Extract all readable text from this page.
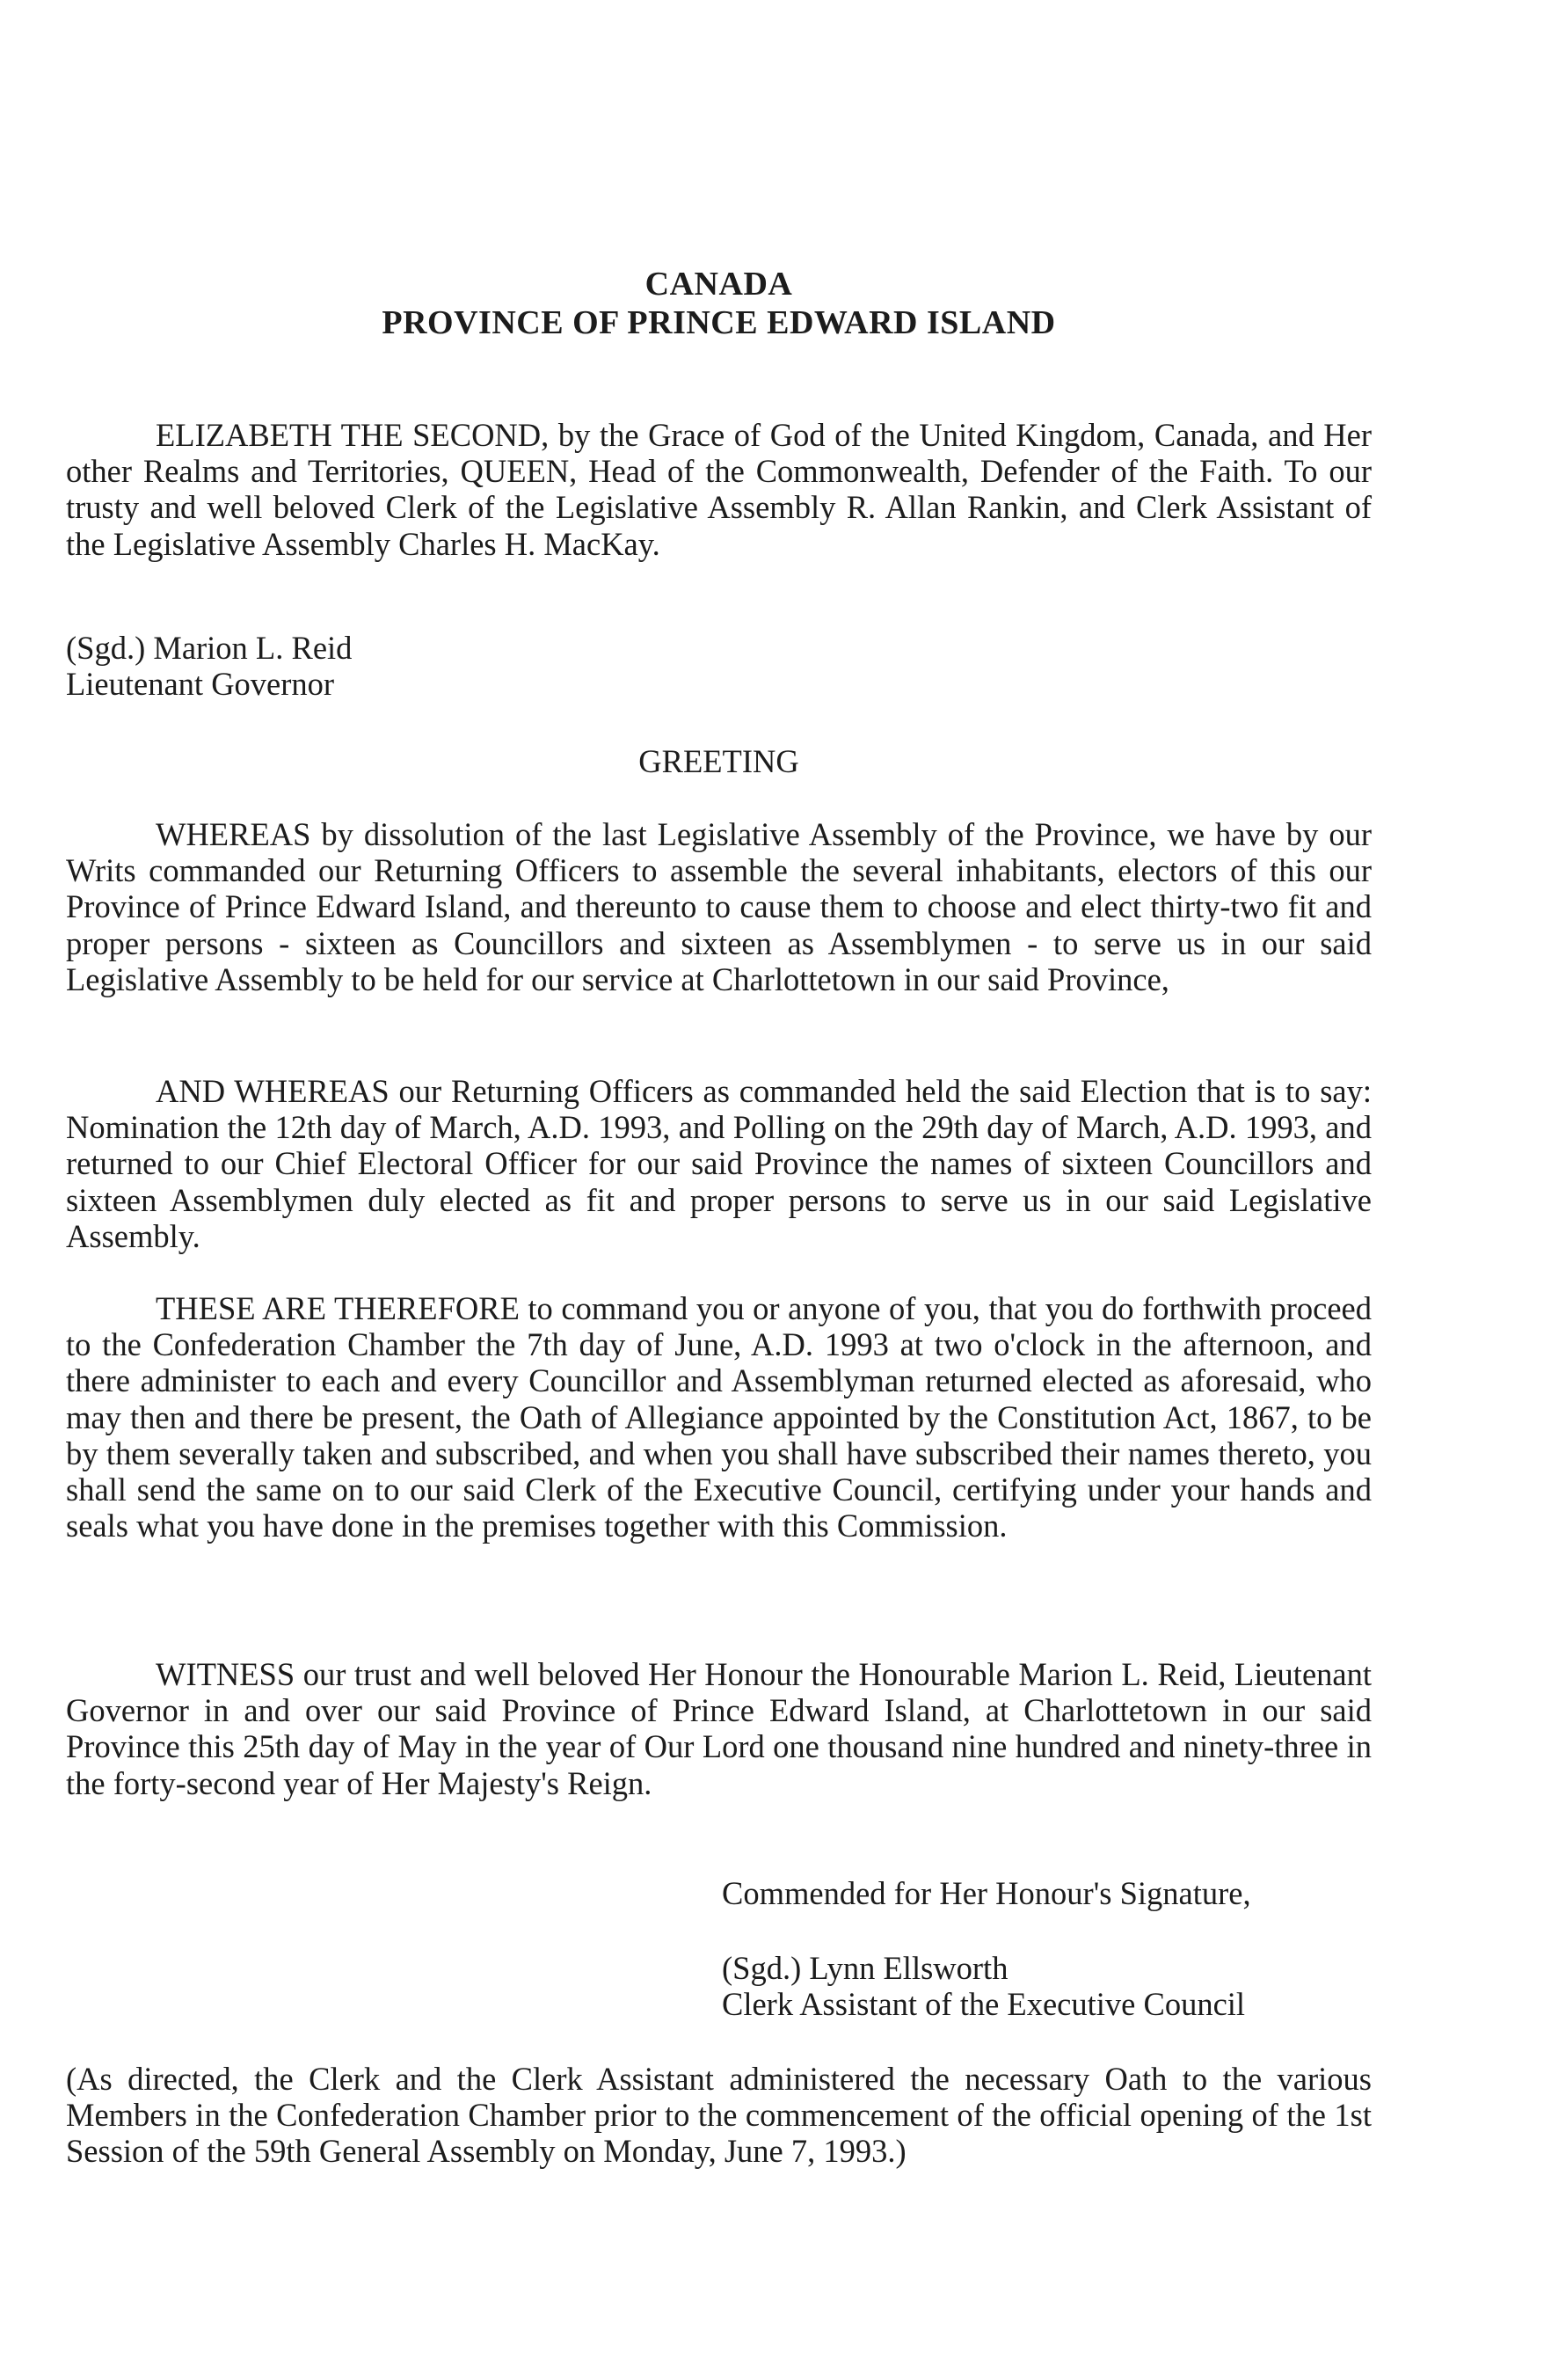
CANADA
PROVINCE OF PRINCE EDWARD ISLAND

ELIZABETH THE SECOND, by the Grace of God of the United Kingdom, Canada, and Her other Realms and Territories, QUEEN, Head of the Commonwealth, Defender of the Faith. To our trusty and well beloved Clerk of the Legislative Assembly R. Allan Rankin, and Clerk Assistant of the Legislative Assembly Charles H. MacKay.

(Sgd.) Marion L. Reid
Lieutenant Governor
GREETING

WHEREAS by dissolution of the last Legislative Assembly of the Province, we have by our Writs commanded our Returning Officers to assemble the several inhabitants, electors of this our Province of Prince Edward Island, and thereunto to cause them to choose and elect thirty-two fit and proper persons - sixteen as Councillors and sixteen as Assemblymen - to serve us in our said Legislative Assembly to be held for our service at Charlottetown in our said Province,

AND WHEREAS our Returning Officers as commanded held the said Election that is to say: Nomination the 12th day of March, A.D. 1993, and Polling on the 29th day of March, A.D. 1993, and returned to our Chief Electoral Officer for our said Province the names of sixteen Councillors and sixteen Assemblymen duly elected as fit and proper persons to serve us in our said Legislative Assembly.

THESE ARE THEREFORE to command you or anyone of you, that you do forthwith proceed to the Confederation Chamber the 7th day of June, A.D. 1993 at two o'clock in the afternoon, and there administer to each and every Councillor and Assemblyman returned elected as aforesaid, who may then and there be present, the Oath of Allegiance appointed by the Constitution Act, 1867, to be by them severally taken and subscribed, and when you shall have subscribed their names thereto, you shall send the same on to our said Clerk of the Executive Council, certifying under your hands and seals what you have done in the premises together with this Commission.

WITNESS our trust and well beloved Her Honour the Honourable Marion L. Reid, Lieutenant Governor in and over our said Province of Prince Edward Island, at Charlottetown in our said Province this 25th day of May in the year of Our Lord one thousand nine hundred and ninety-three in the forty-second year of Her Majesty's Reign.

Commended for Her Honour's Signature,
(Sgd.) Lynn Ellsworth
Clerk Assistant of the Executive Council

(As directed, the Clerk and the Clerk Assistant administered the necessary Oath to the various Members in the Confederation Chamber prior to the commencement of the official opening of the 1st Session of the 59th General Assembly on Monday, June 7, 1993.)
